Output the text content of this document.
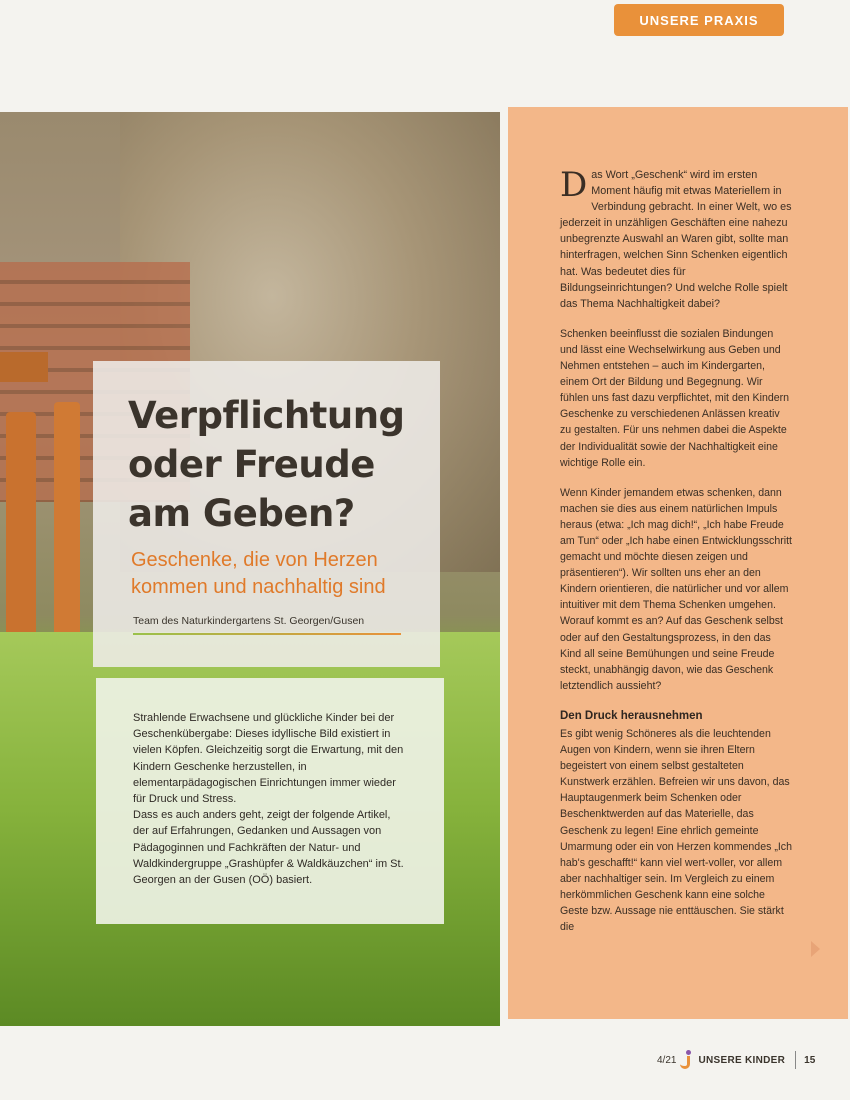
UNSERE PRAXIS
Verpflichtung oder Freude am Geben?

Geschenke, die von Herzen kommen und nachhaltig sind

Team des Naturkindergartens St. Georgen/Gusen

Strahlende Erwachsene und glückliche Kinder bei der Geschenkübergabe: Dieses idyllische Bild existiert in vielen Köpfen. Gleichzeitig sorgt die Erwartung, mit den Kindern Geschenke herzustellen, in elementarpädagogischen Einrichtungen immer wieder für Druck und Stress.

Dass es auch anders geht, zeigt der folgende Artikel, der auf Erfahrungen, Gedanken und Aussagen von Pädagoginnen und Fachkräften der Natur- und Waldkindergruppe „Grashüpfer & Waldkäuzchen“ im St. Georgen an der Gusen (OÖ) basiert.

Das Wort „Geschenk“ wird im ersten Moment häufig mit etwas Materiellem in Verbindung gebracht. In einer Welt, wo es jederzeit in unzähligen Geschäften eine nahezu unbegrenzte Auswahl an Waren gibt, sollte man hinterfragen, welchen Sinn Schenken eigentlich hat. Was bedeutet dies für Bildungseinrichtungen? Und welche Rolle spielt das Thema Nachhaltigkeit dabei?

Schenken beeinflusst die sozialen Bindungen und lässt eine Wechselwirkung aus Geben und Nehmen entstehen – auch im Kindergarten, einem Ort der Bildung und Begegnung. Wir fühlen uns fast dazu verpflichtet, mit den Kindern Geschenke zu verschiedenen Anlässen kreativ zu gestalten. Für uns nehmen dabei die Aspekte der Individualität sowie der Nachhaltigkeit eine wichtige Rolle ein.

Wenn Kinder jemandem etwas schenken, dann machen sie dies aus einem natürlichen Impuls heraus (etwa: „Ich mag dich!“, „Ich habe Freude am Tun“ oder „Ich habe einen Entwicklungsschritt gemacht und möchte diesen zeigen und präsentieren“). Wir sollten uns eher an den Kindern orientieren, die natürlicher und vor allem intuitiver mit dem Thema Schenken umgehen. Worauf kommt es an? Auf das Geschenk selbst oder auf den Gestaltungsprozess, in den das Kind all seine Bemühungen und seine Freude steckt, unabhängig davon, wie das Geschenk letztendlich aussieht?

Den Druck herausnehmen

Es gibt wenig Schöneres als die leuchtenden Augen von Kindern, wenn sie ihren Eltern begeistert von einem selbst gestalteten Kunstwerk erzählen. Befreien wir uns davon, das Hauptaugenmerk beim Schenken oder Beschenktwerden auf das Materielle, das Geschenk zu legen! Eine ehrlich gemeinte Umarmung oder ein von Herzen kommendes „Ich hab's geschafft!“ kann viel wert-voller, vor allem aber nachhaltiger sein. Im Vergleich zu einem herkömmlichen Geschenk kann eine solche Geste bzw. Aussage nie enttäuschen. Sie stärkt die

4/21 UNSERE KINDER 15
